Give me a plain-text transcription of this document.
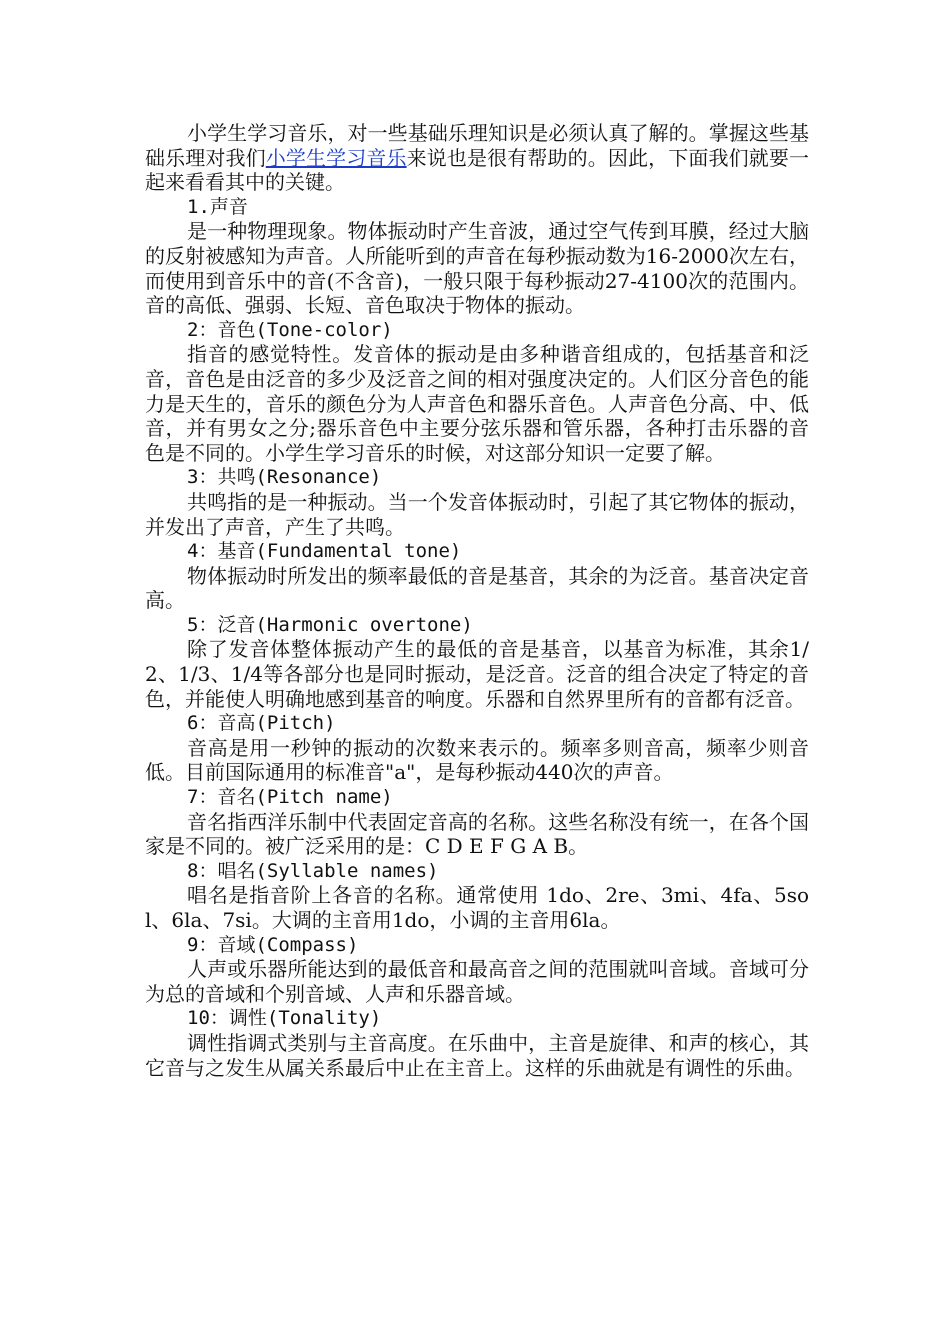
小学生学习音乐，对一些基础乐理知识是必须认真了解的。掌握这些基础乐理对我们小学生学习音乐来说也是很有帮助的。因此，下面我们就要一起来看看其中的关键。

1.声音

是一种物理现象。物体振动时产生音波，通过空气传到耳膜，经过大脑的反射被感知为声音。人所能听到的声音在每秒振动数为16-2000次左右，而使用到音乐中的音(不含音)，一般只限于每秒振动27-4100次的范围内。音的高低、强弱、长短、音色取决于物体的振动。

2：音色(Tone-color)

指音的感觉特性。发音体的振动是由多种谐音组成的，包括基音和泛音，音色是由泛音的多少及泛音之间的相对强度决定的。人们区分音色的能力是天生的，音乐的颜色分为人声音色和器乐音色。人声音色分高、中、低音，并有男女之分;器乐音色中主要分弦乐器和管乐器，各种打击乐器的音色是不同的。小学生学习音乐的时候，对这部分知识一定要了解。

3：共鸣(Resonance)

共鸣指的是一种振动。当一个发音体振动时，引起了其它物体的振动，并发出了声音，产生了共鸣。

4：基音(Fundamental tone)

物体振动时所发出的频率最低的音是基音，其余的为泛音。基音决定音高。

5：泛音(Harmonic overtone)

除了发音体整体振动产生的最低的音是基音，以基音为标准，其余1/2、1/3、1/4等各部分也是同时振动，是泛音。泛音的组合决定了特定的音色，并能使人明确地感到基音的响度。乐器和自然界里所有的音都有泛音。

6：音高(Pitch)

音高是用一秒钟的振动的次数来表示的。频率多则音高，频率少则音低。目前国际通用的标准音"a"，是每秒振动440次的声音。

7：音名(Pitch name)

音名指西洋乐制中代表固定音高的名称。这些名称没有统一，在各个国家是不同的。被广泛采用的是：C D E F G A B。

8：唱名(Syllable names)

唱名是指音阶上各音的名称。通常使用 1do、2re、3mi、4fa、5sol、6la、7si。大调的主音用1do，小调的主音用6la。

9：音域(Compass)

人声或乐器所能达到的最低音和最高音之间的范围就叫音域。音域可分为总的音域和个别音域、人声和乐器音域。

10：调性(Tonality)

调性指调式类别与主音高度。在乐曲中，主音是旋律、和声的核心，其它音与之发生从属关系最后中止在主音上。这样的乐曲就是有调性的乐曲。
